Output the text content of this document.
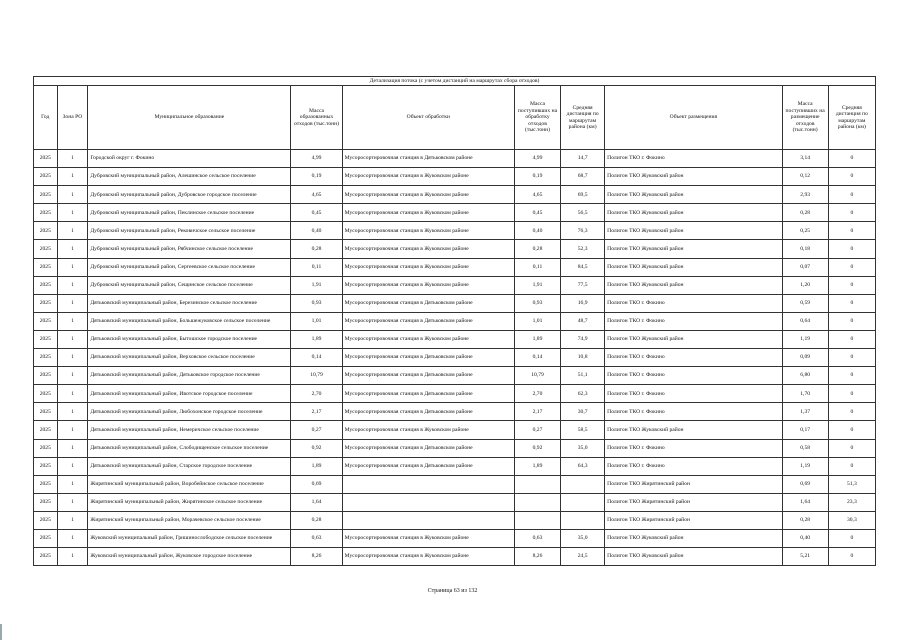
Детализация потока (с учетом дистанций на маршрутах сбора отходов)									
Год	Зона РО	Муниципальное образование	Масса образованных отходов (тыс.тонн)	Объект обработки	Масса поступивших на обработку отходов (тыс.тонн)	Средняя дистанция по маршрутам района (км)	Объект размещения	Масса поступивших на размещение отходов (тыс.тонн)	Средняя дистанция по маршрутам района (км)
2025	1	Городской округ г. Фокино	4,99	Мусоросортировочная станция в Дятьковском районе	4,99	14,7	Полигон ТКО г. Фокино	3,14	0
2025	1	Дубровский муниципальный район, Алешинское сельское поселение	0,19	Мусоросортировочная станция в Жуковском районе	0,19	68,7	Полигон ТКО Жуковский район	0,12	0
2025	1	Дубровский муниципальный район, Дубровское городское поселение	4,65	Мусоросортировочная станция в Жуковском районе	4,65	69,5	Полигон ТКО Жуковский район	2,93	0
2025	1	Дубровский муниципальный район, Пеклинское сельское поселение	0,45	Мусоросортировочная станция в Жуковском районе	0,45	56,5	Полигон ТКО Жуковский район	0,28	0
2025	1	Дубровский муниципальный район, Рековичское сельское поселение	0,40	Мусоросортировочная станция в Жуковском районе	0,40	76,3	Полигон ТКО Жуковский район	0,25	0
2025	1	Дубровский муниципальный район, Рябчинское сельское поселение	0,28	Мусоросортировочная станция в Жуковском районе	0,28	52,3	Полигон ТКО Жуковский район	0,18	0
2025	1	Дубровский муниципальный район, Сергеевское сельское поселение	0,11	Мусоросортировочная станция в Жуковском районе	0,11	84,5	Полигон ТКО Жуковский район	0,07	0
2025	1	Дубровский муниципальный район, Сещинское сельское поселение	1,91	Мусоросортировочная станция в Жуковском районе	1,91	77,5	Полигон ТКО Жуковский район	1,20	0
2025	1	Дятьковский муниципальный район, Березинское сельское поселение	0,93	Мусоросортировочная станция в Дятьковском районе	0,93	16,9	Полигон ТКО г. Фокино	0,59	0
2025	1	Дятьковский муниципальный район, Большежуковское сельское поселение	1,01	Мусоросортировочная станция в Дятьковском районе	1,01	48,7	Полигон ТКО г. Фокино	0,64	0
2025	1	Дятьковский муниципальный район, Бытошское городское поселение	1,89	Мусоросортировочная станция в Жуковском районе	1,89	74,9	Полигон ТКО Жуковский район	1,19	0
2025	1	Дятьковский муниципальный район, Верховское сельское поселение	0,14	Мусоросортировочная станция в Дятьковском районе	0,14	10,8	Полигон ТКО г. Фокино	0,09	0
2025	1	Дятьковский муниципальный район, Дятьковское городское поселение	10,79	Мусоросортировочная станция в Дятьковском районе	10,79	51,1	Полигон ТКО г. Фокино	6,80	0
2025	1	Дятьковский муниципальный район, Ивотское городское поселение	2,70	Мусоросортировочная станция в Дятьковском районе	2,70	62,3	Полигон ТКО г. Фокино	1,70	0
2025	1	Дятьковский муниципальный район, Любохонское городское поселение	2,17	Мусоросортировочная станция в Дятьковском районе	2,17	30,7	Полигон ТКО г. Фокино	1,37	0
2025	1	Дятьковский муниципальный район, Немеричское сельское поселение	0,27	Мусоросортировочная станция в Жуковском районе	0,27	58,5	Полигон ТКО Жуковский район	0,17	0
2025	1	Дятьковский муниципальный район, Слободищенское сельское поселение	0,92	Мусоросортировочная станция в Дятьковском районе	0,92	35,0	Полигон ТКО г. Фокино	0,58	0
2025	1	Дятьковский муниципальный район, Старское городское поселение	1,89	Мусоросортировочная станция в Дятьковском районе	1,89	64,3	Полигон ТКО г. Фокино	1,19	0
2025	1	Жирятинский муниципальный район, Воробейнское сельское поселение	0,69				Полигон ТКО Жирятинский район	0,69	51,3
2025	1	Жирятинский муниципальный район, Жирятинское сельское поселение	1,64				Полигон ТКО Жирятинский район	1,64	23,3
2025	1	Жирятинский муниципальный район, Морачевское сельское поселение	0,28				Полигон ТКО Жирятинский район	0,28	30,3
2025	1	Жуковский муниципальный район, Гришинослободское сельское поселение	0,63	Мусоросортировочная станция в Жуковском районе	0,63	35,0	Полигон ТКО Жуковский район	0,40	0
2025	1	Жуковский муниципальный район, Жуковское городское поселение	8,26	Мусоросортировочная станция в Жуковском районе	8,26	24,5	Полигон ТКО Жуковский район	5,21	0
Страница 63 из 132
